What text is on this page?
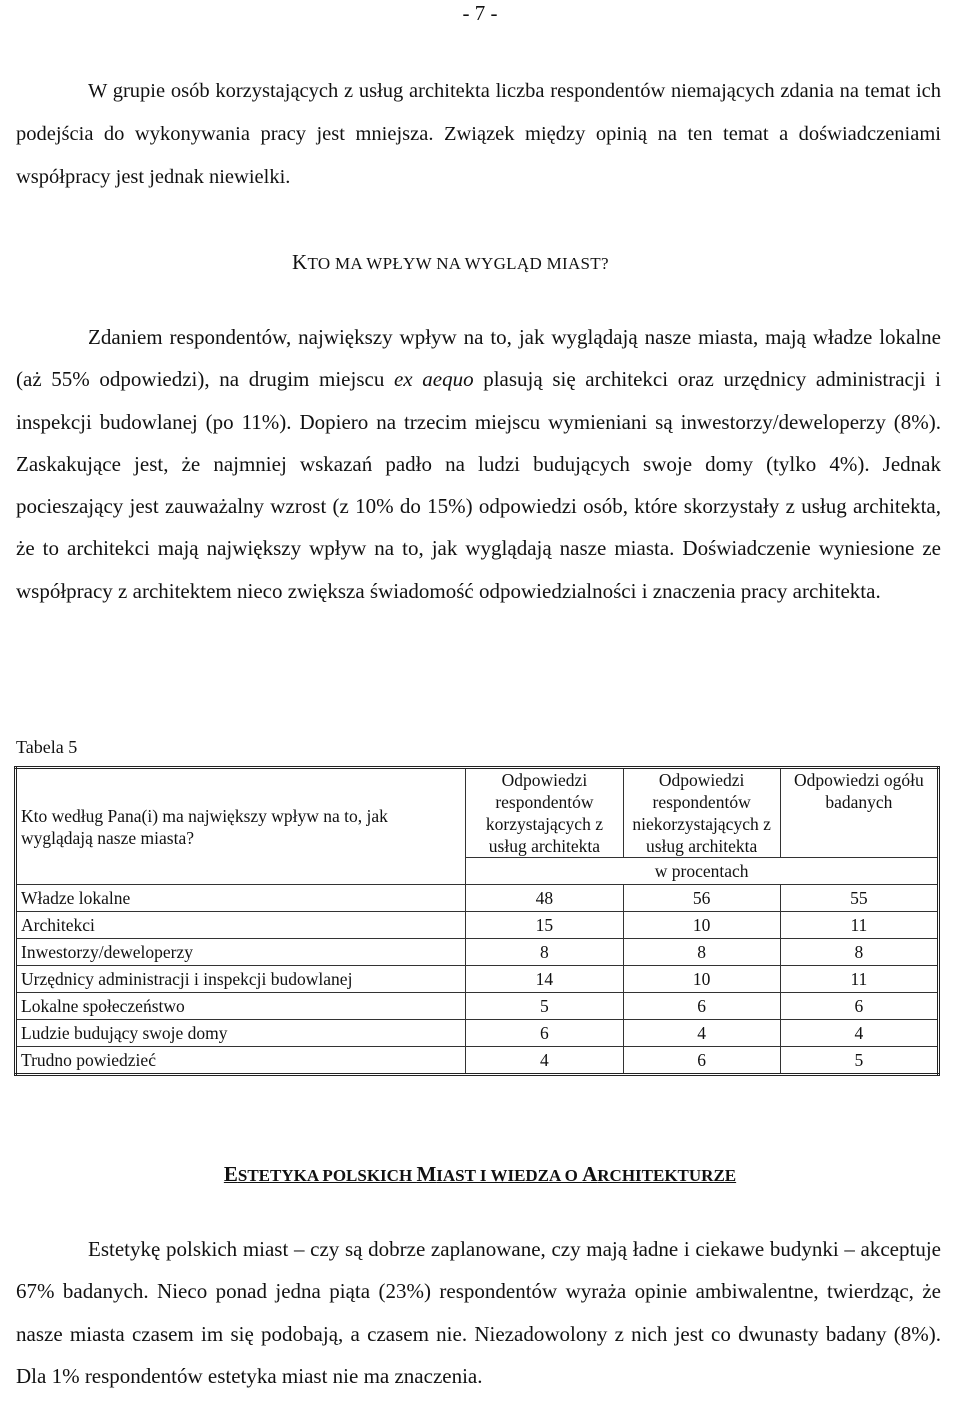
- 7 -

W grupie osób korzystających z usług architekta liczba respondentów niemających zdania na temat ich podejścia do wykonywania pracy jest mniejsza. Związek między opinią na ten temat a doświadczeniami współpracy jest jednak niewielki.

KTO MA WPŁYW NA WYGLĄD MIAST?

Zdaniem respondentów, największy wpływ na to, jak wyglądają nasze miasta, mają władze lokalne (aż 55% odpowiedzi), na drugim miejscu ex aequo plasują się architekci oraz urzędnicy administracji i inspekcji budowlanej (po 11%). Dopiero na trzecim miejscu wymieniani są inwestorzy/deweloperzy (8%). Zaskakujące jest, że najmniej wskazań padło na ludzi budujących swoje domy (tylko 4%). Jednak pocieszający jest zauważalny wzrost (z 10% do 15%) odpowiedzi osób, które skorzystały z usług architekta, że to architekci mają największy wpływ na to, jak wyglądają nasze miasta. Doświadczenie wyniesione ze współpracy z architektem nieco zwiększa świadomość odpowiedzialności i znaczenia pracy architekta.

Tabela 5

Kto według Pana(i) ma największy wpływ na to, jak wyglądają nasze miasta?	Odpowiedzi respondentów korzystających z usług architekta	Odpowiedzi respondentów niekorzystających z usług architekta	Odpowiedzi ogółu badanych
	w procentach		
Władze lokalne	48	56	55
Architekci	15	10	11
Inwestorzy/deweloperzy	8	8	8
Urzędnicy administracji i inspekcji budowlanej	14	10	11
Lokalne społeczeństwo	5	6	6
Ludzie budujący swoje domy	6	4	4
Trudno powiedzieć	4	6	5
ESTETYKA POLSKICH MIAST I WIEDZA O ARCHITEKTURZE

Estetykę polskich miast – czy są dobrze zaplanowane, czy mają ładne i ciekawe budynki – akceptuje 67% badanych. Nieco ponad jedna piąta (23%) respondentów wyraża opinie ambiwalentne, twierdząc, że nasze miasta czasem im się podobają, a czasem nie. Niezadowolony z nich jest co dwunasty badany (8%). Dla 1% respondentów estetyka miast nie ma znaczenia.
